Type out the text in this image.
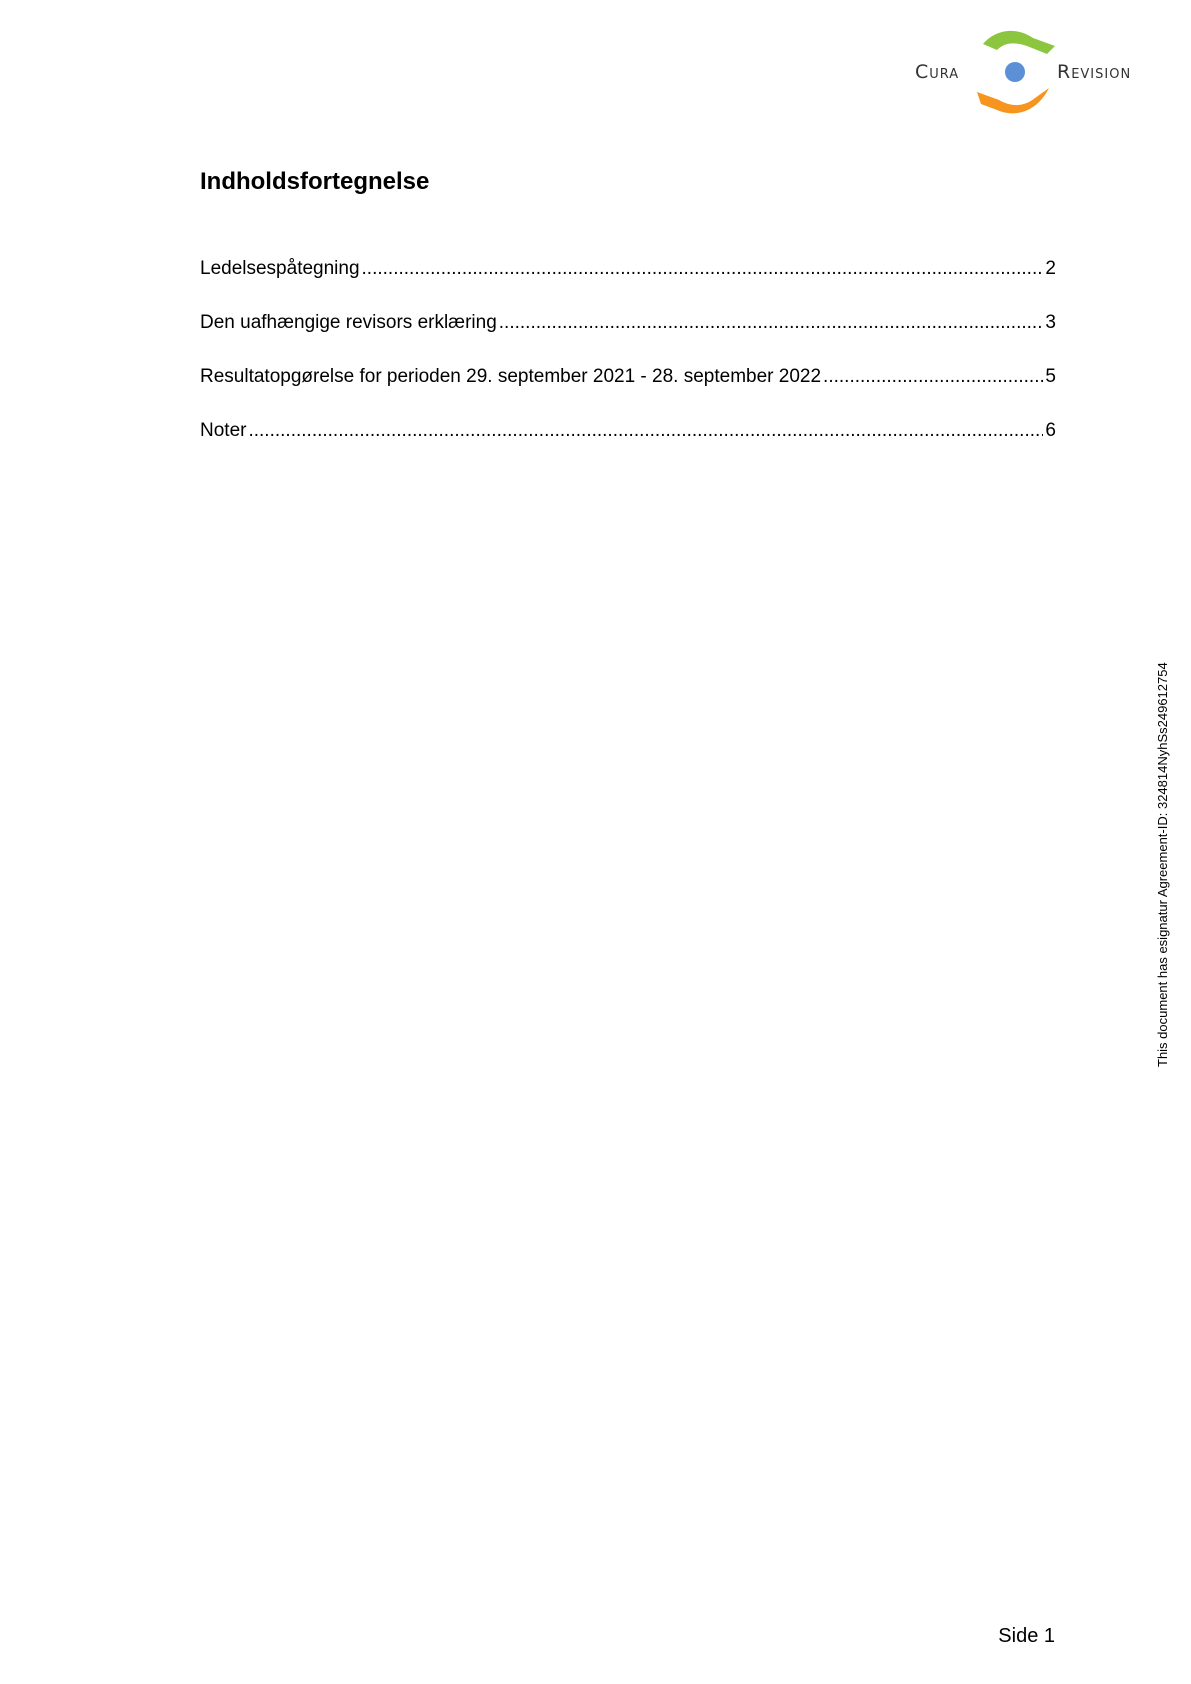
Cura	Revision
Indholdsfortegnelse
Ledelsespåtegning .....	2
Den uafhængige revisors erklæring .....	3
Resultatopgørelse for perioden 29. september 2021 - 28. september 2022 .....	5
Noter .....	6
This document has esignatur Agreement-ID: 324814NyhSs249612754
Side 1
